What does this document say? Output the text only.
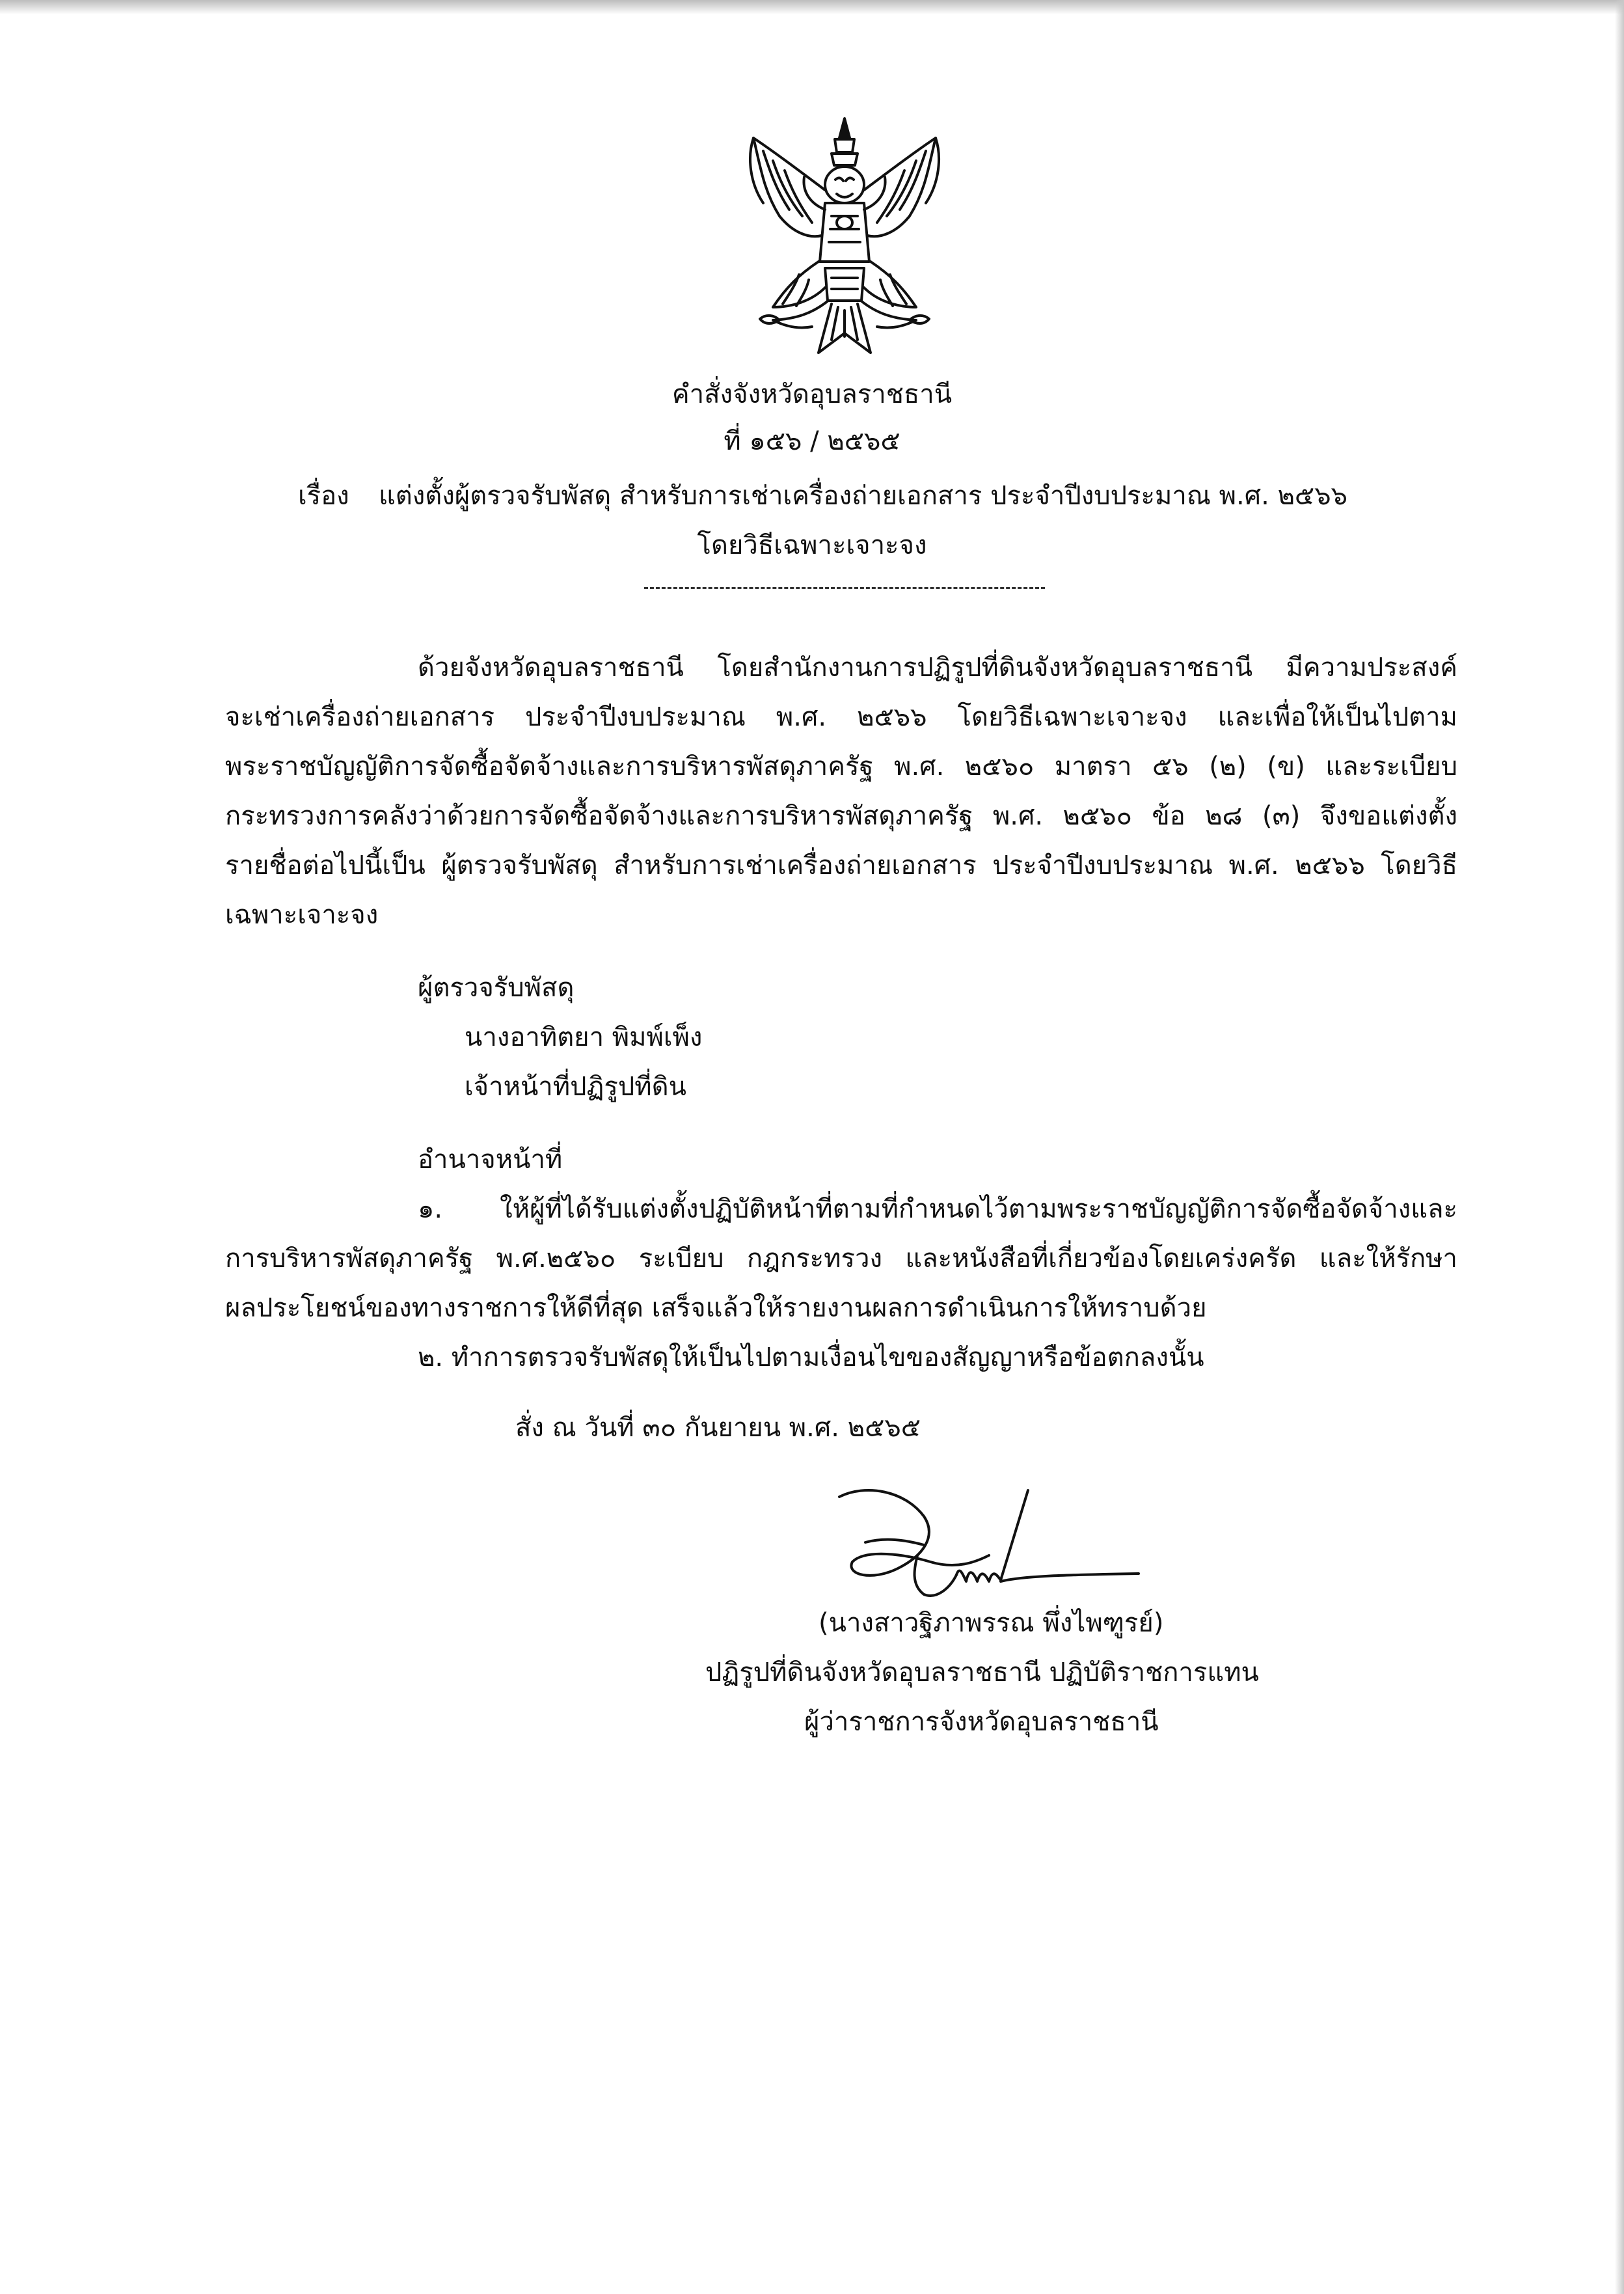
คำสั่งจังหวัดอุบลราชธานี
ที่ ๑๕๖ / ๒๕๖๕
เรื่อง แต่งตั้งผู้ตรวจรับพัสดุ สำหรับการเช่าเครื่องถ่ายเอกสาร ประจำปีงบประมาณ พ.ศ. ๒๕๖๖
โดยวิธีเฉพาะเจาะจง
ด้วยจังหวัดอุบลราชธานี โดยสำนักงานการปฏิรูปที่ดินจังหวัดอุบลราชธานี มีความประสงค์
จะเช่าเครื่องถ่ายเอกสาร ประจำปีงบประมาณ พ.ศ. ๒๕๖๖ โดยวิธีเฉพาะเจาะจง และเพื่อให้เป็นไปตาม
พระราชบัญญัติการจัดซื้อจัดจ้างและการบริหารพัสดุภาครัฐ พ.ศ. ๒๕๖๐ มาตรา ๕๖ (๒) (ข) และระเบียบ
กระทรวงการคลังว่าด้วยการจัดซื้อจัดจ้างและการบริหารพัสดุภาครัฐ พ.ศ. ๒๕๖๐ ข้อ ๒๘ (๓) จึงขอแต่งตั้ง
รายชื่อต่อไปนี้เป็น ผู้ตรวจรับพัสดุ สำหรับการเช่าเครื่องถ่ายเอกสาร ประจำปีงบประมาณ พ.ศ. ๒๕๖๖ โดยวิธี
เฉพาะเจาะจง
ผู้ตรวจรับพัสดุ
นางอาทิตยา พิมพ์เพ็ง
เจ้าหน้าที่ปฏิรูปที่ดิน
อำนาจหน้าที่
๑. ให้ผู้ที่ได้รับแต่งตั้งปฏิบัติหน้าที่ตามที่กำหนดไว้ตามพระราชบัญญัติการจัดซื้อจัดจ้างและ
การบริหารพัสดุภาครัฐ พ.ศ.๒๕๖๐ ระเบียบ กฎกระทรวง และหนังสือที่เกี่ยวข้องโดยเคร่งครัด และให้รักษา
ผลประโยชน์ของทางราชการให้ดีที่สุด เสร็จแล้วให้รายงานผลการดำเนินการให้ทราบด้วย
๒. ทำการตรวจรับพัสดุให้เป็นไปตามเงื่อนไขของสัญญาหรือข้อตกลงนั้น
สั่ง ณ วันที่ ๓๐ กันยายน พ.ศ. ๒๕๖๕
(นางสาวฐิภาพรรณ พึ่งไพฑูรย์)
ปฏิรูปที่ดินจังหวัดอุบลราชธานี ปฏิบัติราชการแทน
ผู้ว่าราชการจังหวัดอุบลราชธานี
